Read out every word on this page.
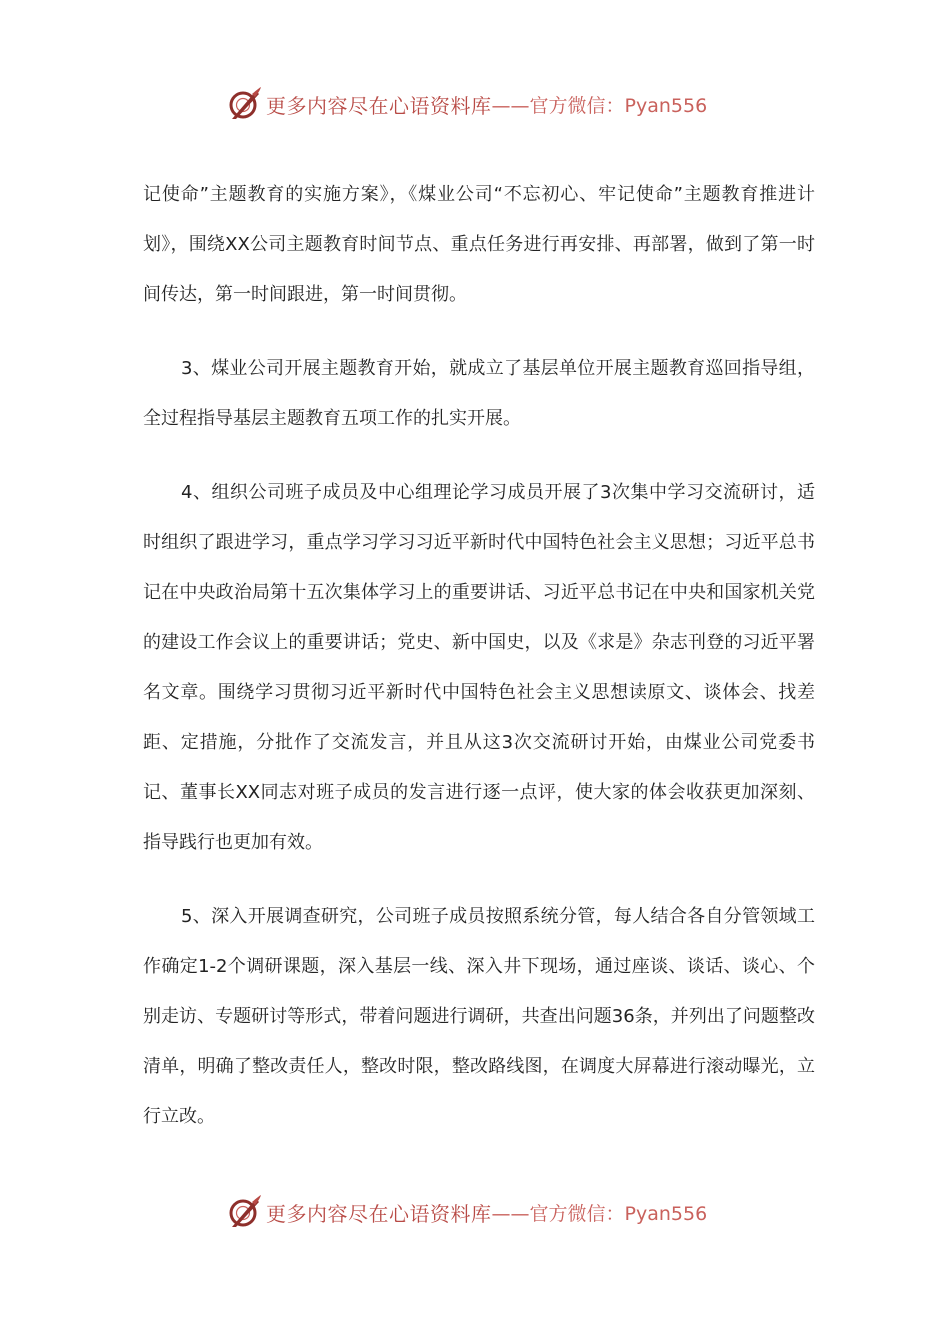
更多内容尽在心语资料库 ——官方微信：Pyan556

记使命”主题教育的实施方案》，《煤业公司“不忘初心、牢记使命”主题教育推进计划》，围绕XX公司主题教育时间节点、重点任务进行再安排、再部署，做到了第一时间传达，第一时间跟进，第一时间贯彻。

3、煤业公司开展主题教育开始，就成立了基层单位开展主题教育巡回指导组，全过程指导基层主题教育五项工作的扎实开展。

4、组织公司班子成员及中心组理论学习成员开展了3次集中学习交流研讨，适时组织了跟进学习，重点学习学习习近平新时代中国特色社会主义思想；习近平总书记在中央政治局第十五次集体学习上的重要讲话、习近平总书记在中央和国家机关党的建设工作会议上的重要讲话；党史、新中国史，以及《求是》杂志刊登的习近平署名文章。围绕学习贯彻习近平新时代中国特色社会主义思想读原文、谈体会、找差距、定措施，分批作了交流发言，并且从这3次交流研讨开始，由煤业公司党委书记、董事长XX同志对班子成员的发言进行逐一点评，使大家的体会收获更加深刻、指导践行也更加有效。

5、深入开展调查研究，公司班子成员按照系统分管，每人结合各自分管领域工作确定1-2个调研课题，深入基层一线、深入井下现场，通过座谈、谈话、谈心、个别走访、专题研讨等形式，带着问题进行调研，共查出问题36条，并列出了问题整改清单，明确了整改责任人，整改时限，整改路线图，在调度大屏幕进行滚动曝光，立行立改。

更多内容尽在心语资料库 ——官方微信：Pyan556
